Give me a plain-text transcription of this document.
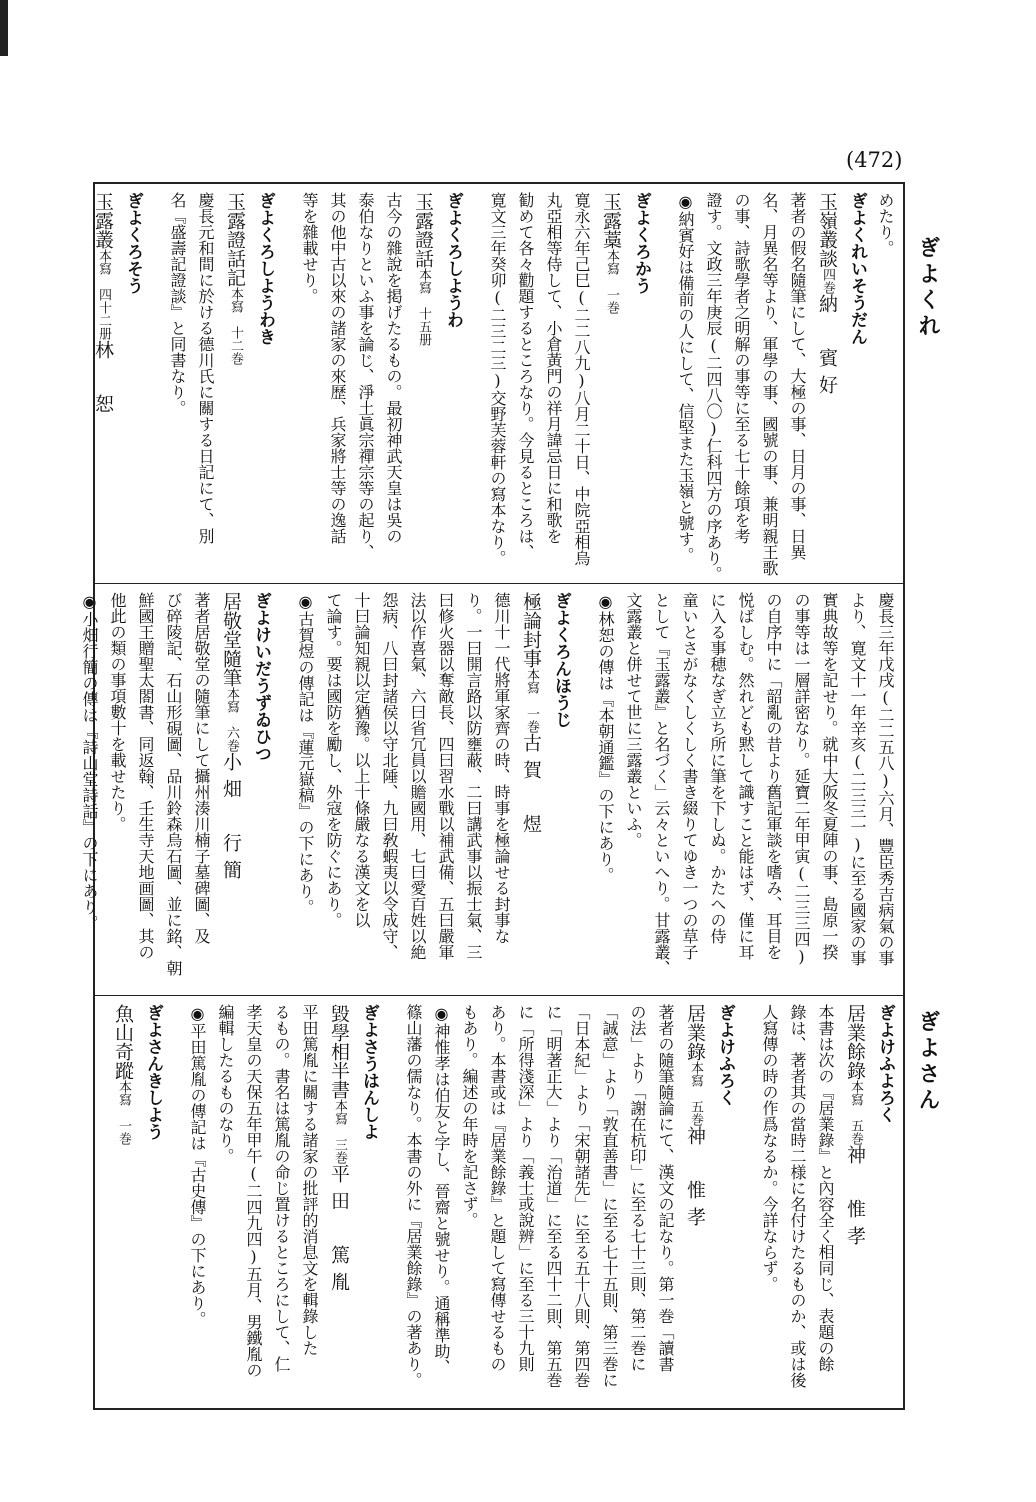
(472)
めたり。
ぎよくれいそうだん
玉嶺叢談四巻納　賓好
著者の假名隨筆にして、大極の事、日月の事、日異
名、月異名等より、軍學の事、國號の事、兼明親王歌
の事、詩歌學者之明解の事等に至る七十餘項を考
證す。文政三年庚辰(二四八〇)仁科四方の序あり。
◉納賓好は備前の人にして、信堅また玉嶺と號す。
ぎよくろかう
玉露藁本寫　一巻
寛永六年己巳(二二八九)八月二十日、中院亞相烏
丸亞相等侍して、小倉黃門の祥月諱忌日に和歌を
勧めて各々勸題するところなり。今見るところは、
寛文三年癸卯(二三二三)交野芙蓉軒の寫本なり。
ぎよくろしようわ
玉露證話本寫　十五册
古今の雜說を掲げたるもの。最初神武天皇は吳の
泰伯なりといふ事を論じ、淨土眞宗禪宗等の起り、
其の他中古以來の諸家の來歷、兵家將士等の逸話
等を雜載せり。
ぎよくろしようわき
玉露證話記本寫　十二巻
慶長元和間に於ける德川氏に關する日記にて、別
名『盛壽記證談』と同書なり。
ぎよくろそう
玉露叢本寫　四十二册林　恕
慶長三年戊戌(二二五八)六月、豐臣秀吉病氣の事
より、寛文十一年辛亥(二三三一)に至る國家の事
實典故等を記せり。就中大阪冬夏陣の事、島原一揆
の事等は一層詳密なり。延寶二年甲寅(二三三四)
の自序中に「韶亂の昔より舊記軍談を嗜み、耳目を
悦ばしむ。然れども黙して識すこと能はず、僅に耳
に入る事穂なぎ立ち所に筆を下しぬ。かたへの侍
童いとさがなくしくしく書き綴りてゆき一つの草子
として『玉露叢』と名づく」云々といへり。甘露叢、
文露叢と併せて世に三露叢といふ。
◉林恕の傳は『本朝通鑑』の下にあり。
ぎよくろんほうじ
極論封事本寫　一巻古賀　煜
德川十一代將軍家齊の時、時事を極論せる封事な
り。一曰開言路以防壅蔽、二曰講武事以振士氣、三
曰修火器以奪敵長、四曰習水戰以補武備、五曰嚴軍
法以作喜氣、六曰省冗員以贍國用、七曰愛百姓以絶
怨病、八曰封諸侯以守北陲、九曰敎蝦夷以令成守、
十曰論知親以定猶豫。以上十條嚴なる漢文を以
て論す。要は國防を勵し、外寇を防ぐにあり。
◉古賀煜の傳記は『蓮元嶽稿』の下にあり。
ぎよけいだうずゐひつ
居敬堂隨筆本寫　六巻小畑　行簡
著者居敬堂の隨筆にして攝州湊川楠子墓碑圖、及
び碎陵記、石山形硯圖、品川鈴森烏石圖、並に銘、朝
鮮國王贈聖太閤書、同返翰、壬生寺天地画圖、其の
他此の類の事項數十を載せたり。
◉小畑行簡の傳は『詩山堂詩話』の下にあり。
ぎよけふよろく
居業餘錄本寫　五巻神　惟孝
本書は次の『居業錄』と內容全く相同じ、表題の餘
錄は、著者其の當時二様に名付けたるものか、或は後
人寫傳の時の作爲なるか。今詳ならず。
ぎよけふろく
居業錄本寫　五巻神　惟孝
著者の隨筆隨論にて、漢文の記なり。第一巻「讀書
の法」より「謝在杭印」に至る七十三則、第二巻に
「誠意」より「敦直善書」に至る七十五則、第三巻に
「日本紀」より「宋朝諸先」に至る五十八則、第四巻
に「明著正大」より「治道」に至る四十二則、第五巻
に「所得淺深」より「義士或說辨」に至る三十九則
あり。本書或は『居業餘錄』と題して寫傳せるもの
もあり。編述の年時を記さず。
◉神惟孝は伯友と字し、晉齋と號せり。通稱準助、
篠山藩の儒なり。本書の外に『居業餘錄』の著あり。
ぎよさうはんしよ
毀學相半書本寫　三巻平田　篤胤
平田篤胤に關する諸家の批評的消息文を輯錄した
るもの。書名は篤胤の命じ置けるところにして、仁
孝天皇の天保五年甲午(二四九四)五月、男鐵胤の
編輯したるものなり。
◉平田篤胤の傳記は『古史傳』の下にあり。
ぎよさんきしよう
魚山奇蹤本寫　一巻
ぎよくれ
ぎよさん
